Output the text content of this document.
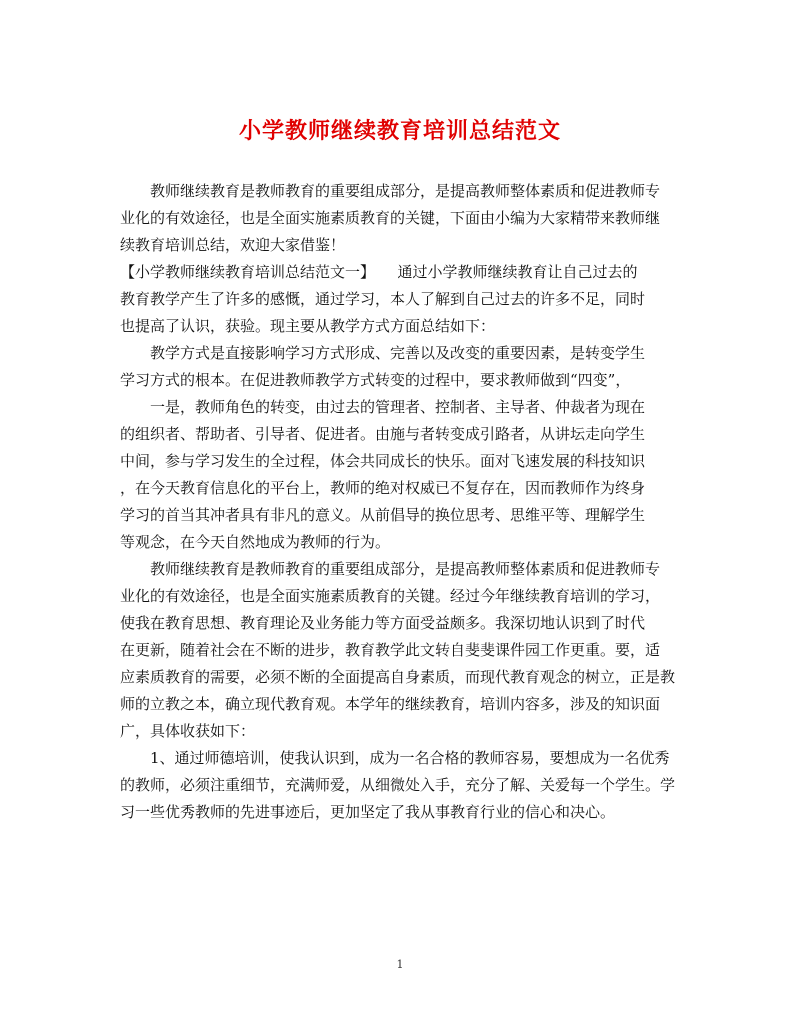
小学教师继续教育培训总结范文

　　教师继续教育是教师教育的重要组成部分，是提高教师整体素质和促进教师专

业化的有效途径，也是全面实施素质教育的关键，下面由小编为大家精带来教师继

续教育培训总结，欢迎大家借鉴！

【小学教师继续教育培训总结范文一】　　通过小学教师继续教育让自己过去的

教育教学产生了许多的感慨，通过学习，本人了解到自己过去的许多不足，同时

也提高了认识，获验。现主要从教学方式方面总结如下：

　　教学方式是直接影响学习方式形成、完善以及改变的重要因素，是转变学生

学习方式的根本。在促进教师教学方式转变的过程中，要求教师做到“四变”，

　　一是，教师角色的转变，由过去的管理者、控制者、主导者、仲裁者为现在

的组织者、帮助者、引导者、促进者。由施与者转变成引路者，从讲坛走向学生

中间，参与学习发生的全过程，体会共同成长的快乐。面对飞速发展的科技知识

，在今天教育信息化的平台上，教师的绝对权威已不复存在，因而教师作为终身

学习的首当其冲者具有非凡的意义。从前倡导的换位思考、思维平等、理解学生

等观念，在今天自然地成为教师的行为。

　　教师继续教育是教师教育的重要组成部分，是提高教师整体素质和促进教师专

业化的有效途径，也是全面实施素质教育的关键。经过今年继续教育培训的学习，

使我在教育思想、教育理论及业务能力等方面受益颇多。我深切地认识到了时代

在更新，随着社会在不断的进步，教育教学此文转自斐斐课件园工作更重。要，适

应素质教育的需要，必须不断的全面提高自身素质，而现代教育观念的树立，正是教

师的立教之本，确立现代教育观。本学年的继续教育，培训内容多，涉及的知识面

广，具体收获如下：

　　1、通过师德培训，使我认识到，成为一名合格的教师容易，要想成为一名优秀

的教师，必须注重细节，充满师爱，从细微处入手，充分了解、关爱每一个学生。学

习一些优秀教师的先进事迹后，更加坚定了我从事教育行业的信心和决心。

1
